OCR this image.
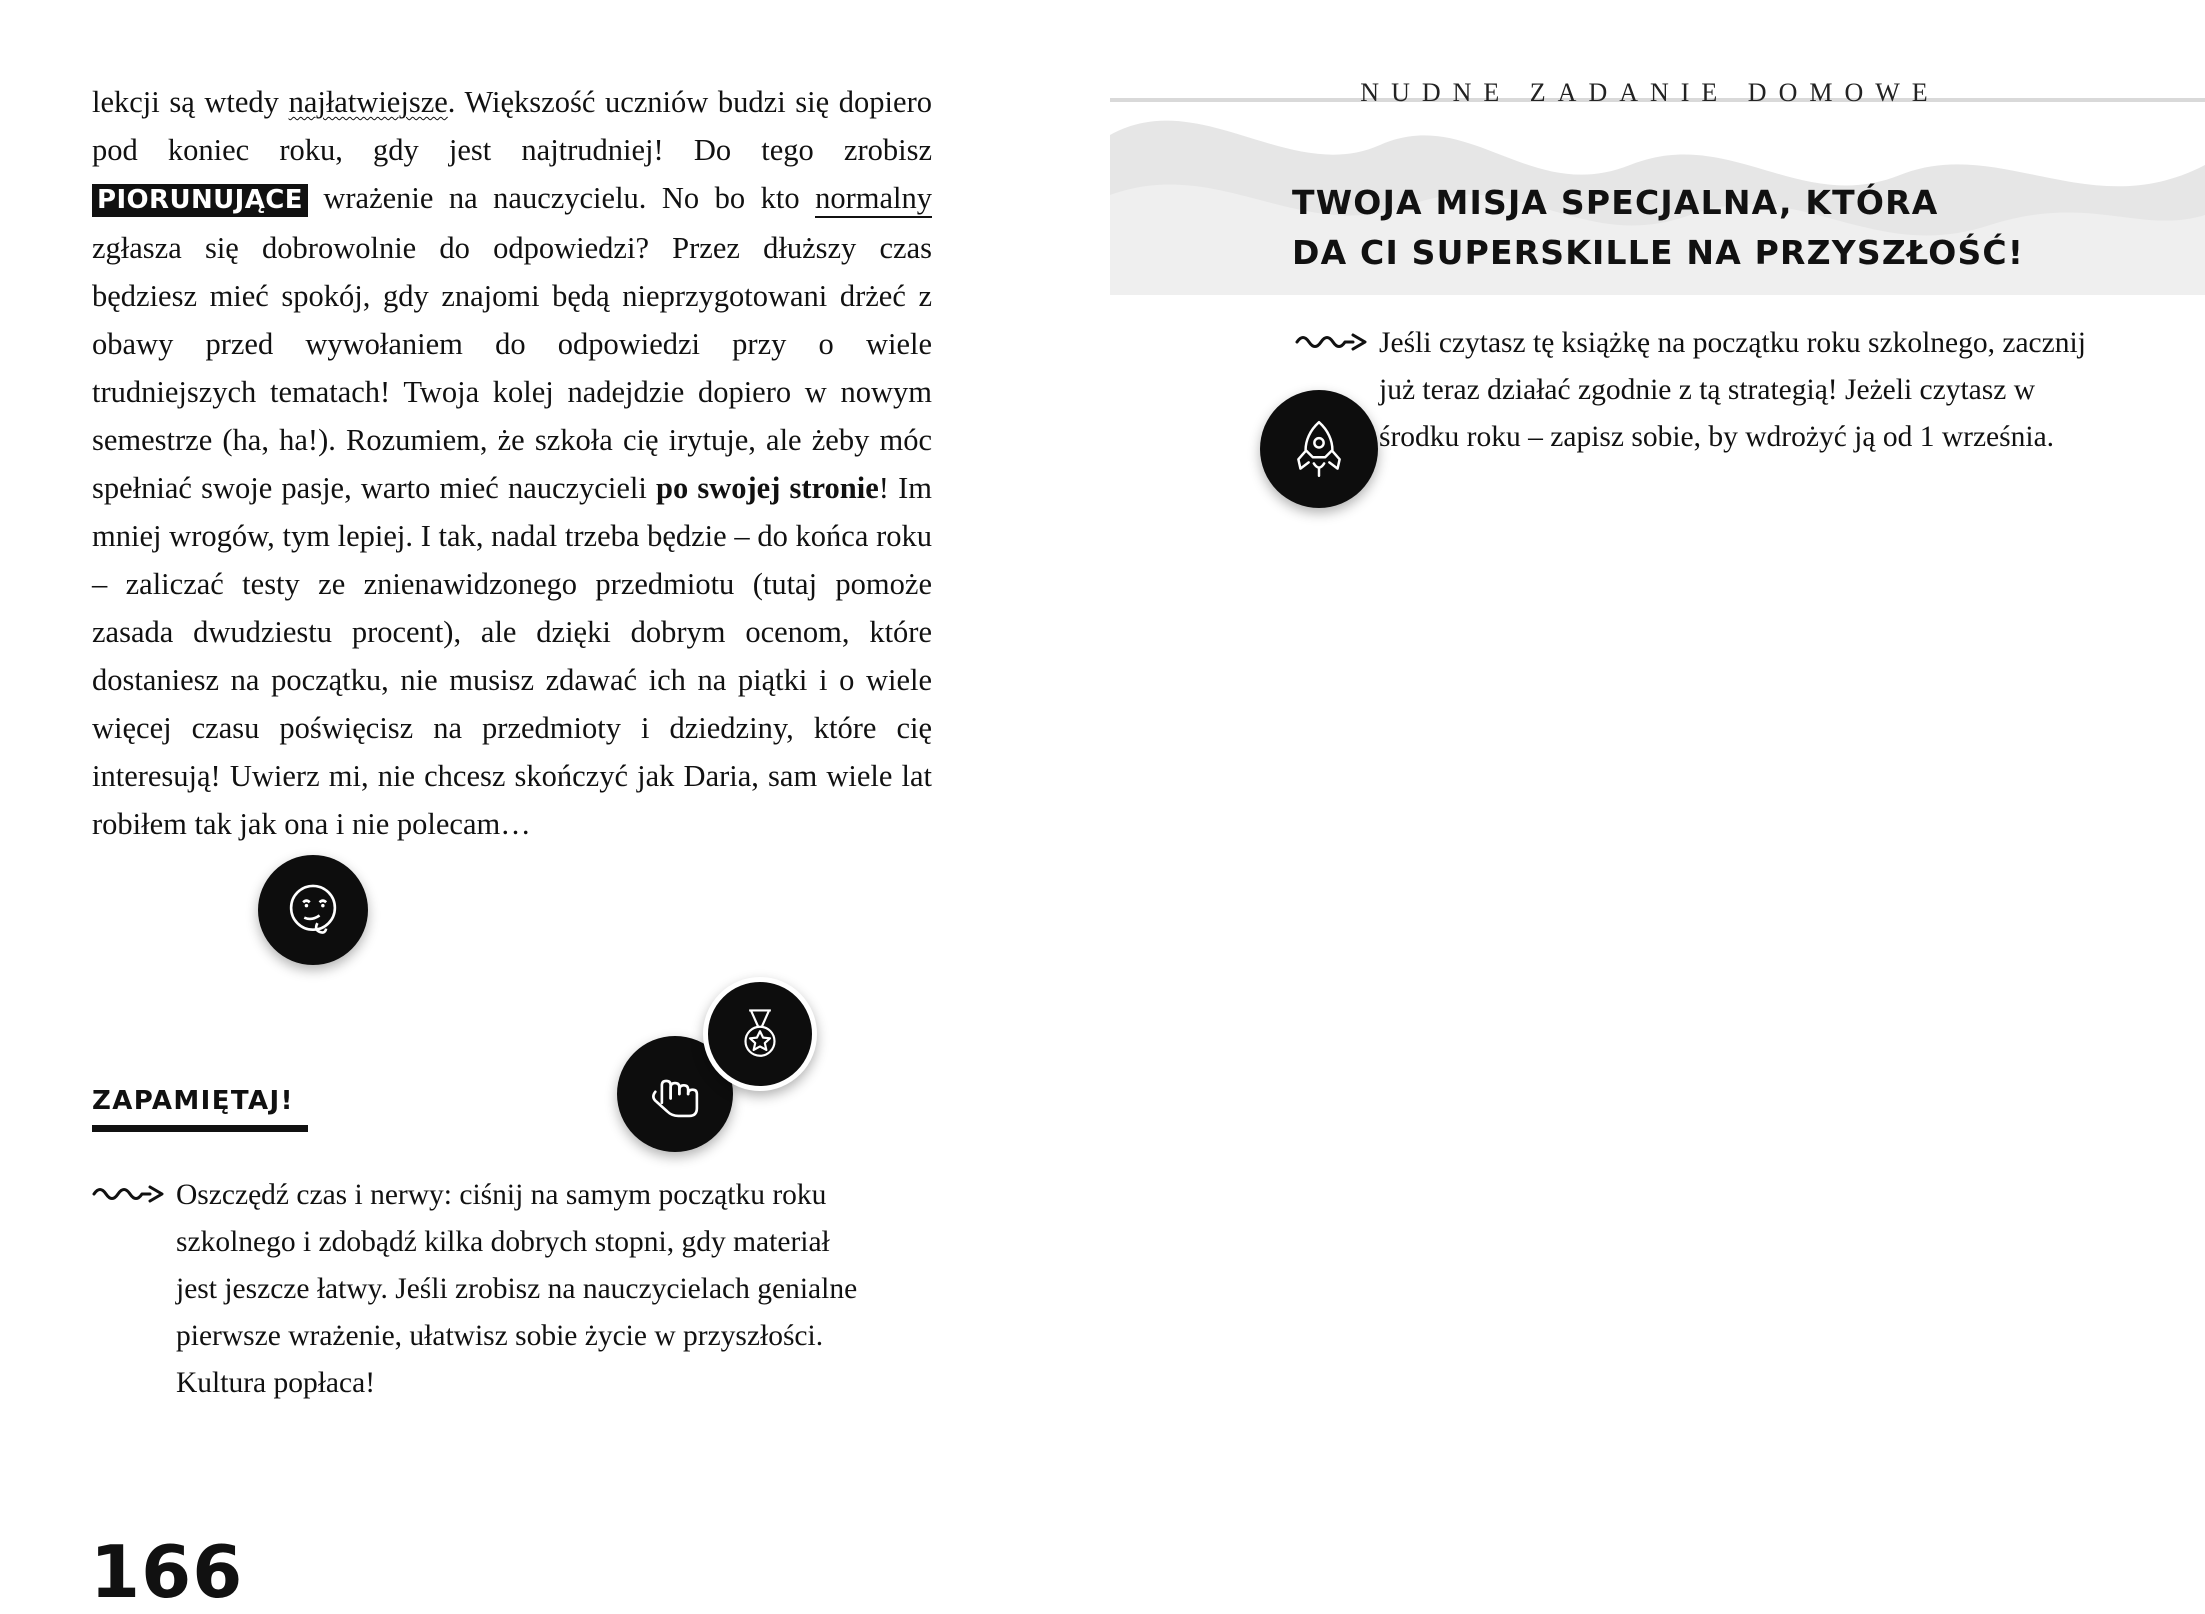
lekcji są wtedy najłatwiejsze. Większość uczniów budzi się dopiero pod koniec roku, gdy jest najtrudniej! Do tego zrobisz PIORUNUJĄCE wrażenie na nauczycielu. No bo kto normalny zgłasza się dobrowolnie do odpowiedzi? Przez dłuższy czas będziesz mieć spokój, gdy znajomi będą nieprzygotowani drżeć z obawy przed wywołaniem do odpowiedzi przy o wiele trudniejszych tematach! Twoja kolej nadejdzie dopiero w nowym semestrze (ha, ha!). Rozumiem, że szkoła cię irytuje, ale żeby móc spełniać swoje pasje, warto mieć nauczycieli po swojej stronie! Im mniej wrogów, tym lepiej. I tak, nadal trzeba będzie – do końca roku – zaliczać testy ze znienawidzonego przedmiotu (tutaj pomoże zasada dwudziestu procent), ale dzięki dobrym ocenom, które dostaniesz na początku, nie musisz zdawać ich na piątki i o wiele więcej czasu poświęcisz na przedmioty i dziedziny, które cię interesują! Uwierz mi, nie chcesz skończyć jak Daria, sam wiele lat robiłem tak jak ona i nie polecam…
ZAPAMIĘTAJ!
Oszczędź czas i nerwy: ciśnij na samym początku roku szkolnego i zdobądź kilka dobrych stopni, gdy materiał jest jeszcze łatwy. Jeśli zrobisz na nauczycielach genialne pierwsze wrażenie, ułatwisz sobie życie w przyszłości. Kultura popłaca!
166
NUDNE ZADANIE DOMOWE
TWOJA MISJA SPECJALNA, KTÓRA
DA CI SUPERSKILLE NA PRZYSZŁOŚĆ!
Jeśli czytasz tę książkę na początku roku szkolnego, zacznij już teraz działać zgodnie z tą strategią! Jeżeli czytasz w środku roku – zapisz sobie, by wdrożyć ją od 1 września.
